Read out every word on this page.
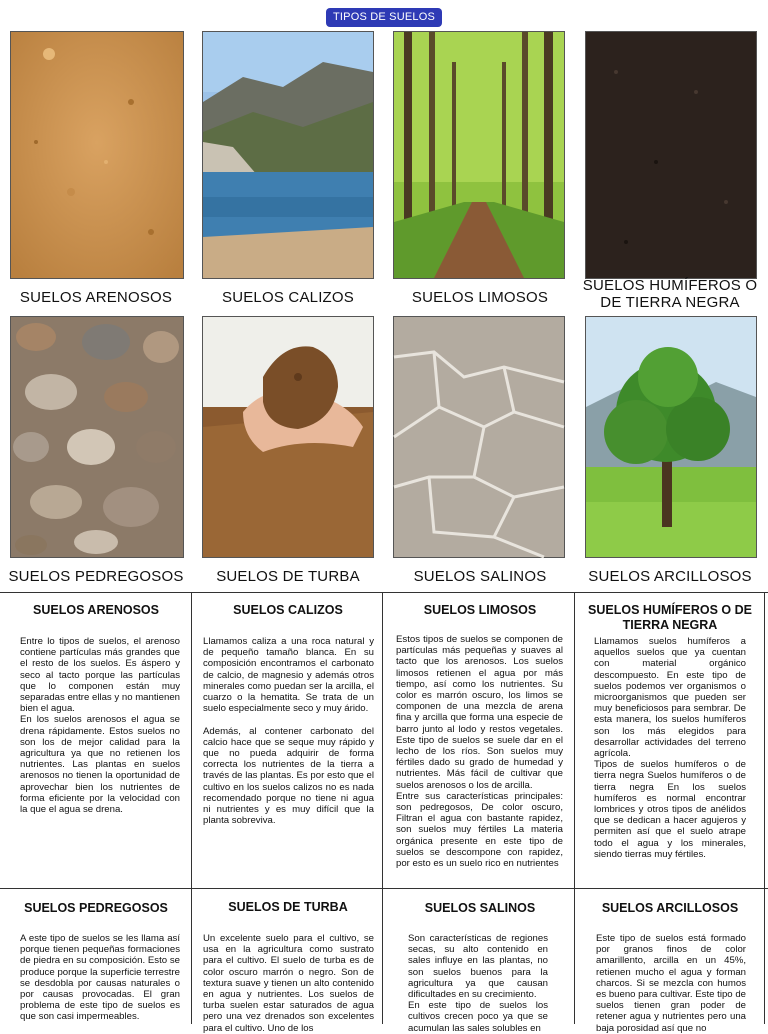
TIPOS DE SUELOS
SUELOS ARENOSOS	SUELOS CALIZOS	SUELOS LIMOSOS
SUELOS HUMÍFEROS O DE TIERRA NEGRA
SUELOS PEDREGOSOS	SUELOS DE TURBA	SUELOS SALINOS	SUELOS ARCILLOSOS
SUELOS ARENOSOS
Entre lo tipos de suelos, el arenoso contiene partículas más grandes que el resto de los suelos. Es áspero y seco al tacto porque las partículas que lo componen están muy separadas entre ellas y no mantienen bien el agua.
En los suelos arenosos el agua se drena rápidamente. Estos suelos no son los de mejor calidad para la agricultura ya que no retienen los nutrientes. Las plantas en suelos arenosos no tienen la oportunidad de aprovechar bien los nutrientes de forma eficiente por la velocidad con la que el agua se drena.
SUELOS CALIZOS
Llamamos caliza a una roca natural y de pequeño tamaño blanca. En su composición encontramos el carbonato de calcio, de magnesio y además otros minerales como puedan ser la arcilla, el cuarzo o la hematita. Se trata de un suelo especialmente seco y muy árido.

Además, al contener carbonato del calcio hace que se seque muy rápido y que no pueda adquirir de forma correcta los nutrientes de la tierra a través de las plantas. Es por esto que el cultivo en los suelos calizos no es nada recomendado porque no tiene ni agua ni nutrientes y es muy difícil que la planta sobreviva.
SUELOS LIMOSOS
Estos tipos de suelos se componen de partículas más pequeñas y suaves al tacto que los arenosos. Los suelos limosos retienen el agua por más tiempo, así como los nutrientes. Su color es marrón oscuro, los limos se componen de una mezcla de arena fina y arcilla que forma una especie de barro junto al lodo y restos vegetales. Este tipo de suelos se suele dar en el lecho de los ríos. Son suelos muy fértiles dado su grado de humedad y nutrientes. Más fácil de cultivar que suelos arenosos o los de arcilla.
Entre sus características principales: son pedregosos, De color oscuro, Filtran el agua con bastante rapidez, son suelos muy fértiles La materia orgánica presente en este tipo de suelos se descompone con rapidez, por esto es un suelo rico en nutrientes
SUELOS HUMÍFEROS O DE TIERRA NEGRA
Llamamos suelos humíferos a aquellos suelos que ya cuentan con material orgánico descompuesto. En este tipo de suelos podemos ver organismos o microorganismos que pueden ser muy beneficiosos para sembrar. De esta manera, los suelos humíferos son los más elegidos para desarrollar actividades del terreno agrícola.
Tipos de suelos humíferos o de tierra negra Suelos humíferos o de tierra negra En los suelos humíferos es normal encontrar lombrices y otros tipos de anélidos que se dedican a hacer agujeros y permiten así que el suelo atrape todo el agua y los minerales, siendo tierras muy fértiles.
SUELOS PEDREGOSOS
A este tipo de suelos se les llama así porque tienen pequeñas formaciones de piedra en su composición. Esto se produce porque la superficie terrestre se desdobla por causas naturales o por causas provocadas. El gran problema de este tipo de suelos es que son casi impermeables.
SUELOS DE TURBA
Un excelente suelo para el cultivo, se usa en la agricultura como sustrato para el cultivo. El suelo de turba es de color oscuro marrón o negro. Son de textura suave y tienen un alto contenido en agua y nutrientes. Los suelos de turba suelen estar saturados de agua pero una vez drenados son excelentes para el cultivo. Uno de los
SUELOS SALINOS
Son características de regiones secas, su alto contenido en sales influye en las plantas, no son suelos buenos para la agricultura ya que causan dificultades en su crecimiento.
En este tipo de suelos los cultivos crecen poco ya que se acumulan las sales solubles en
SUELOS ARCILLOSOS
Este tipo de suelos está formado por granos finos de color amarillento, arcilla en un 45%, retienen mucho el agua y forman charcos. Si se mezcla con humos es bueno para cultivar. Este tipo de suelos tienen gran poder de retener agua y nutrientes pero una baja porosidad así que no
